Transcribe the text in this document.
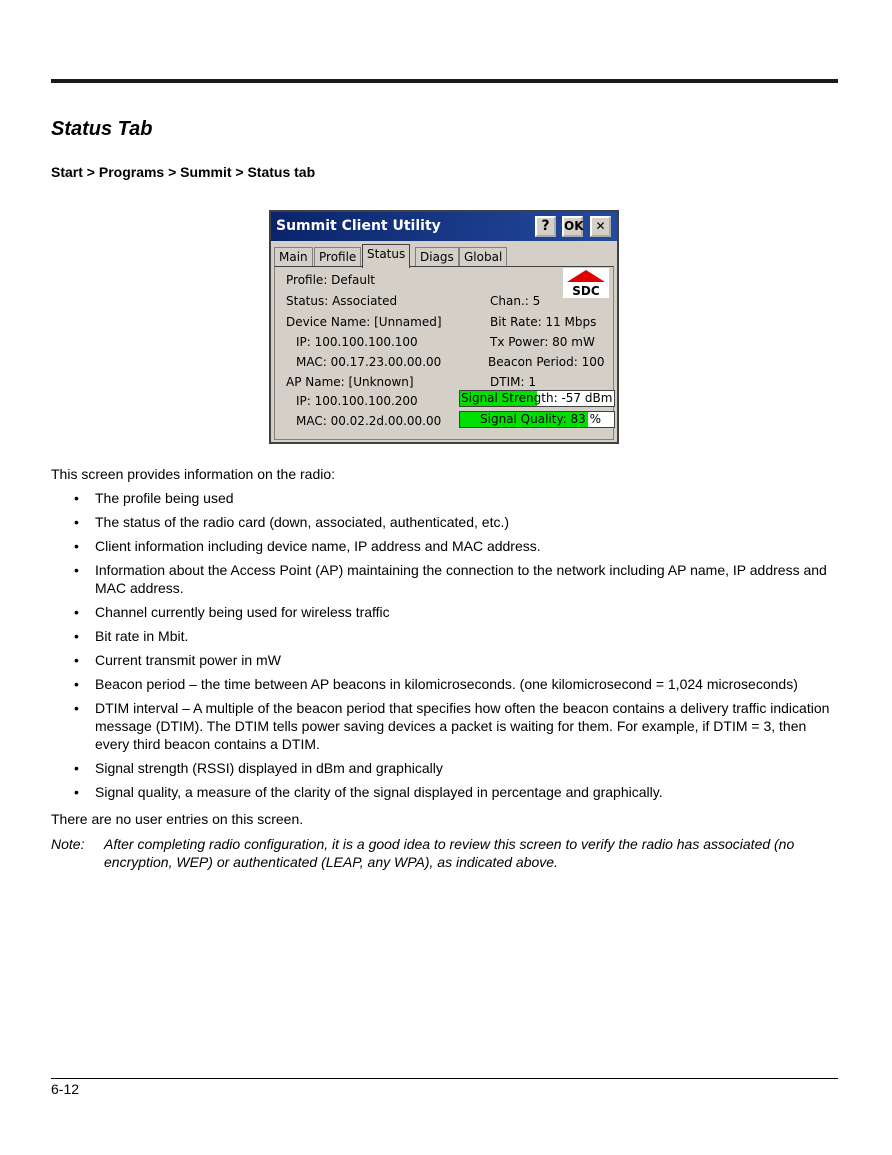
Status Tab
Start > Programs > Summit > Status tab
Summit Client Utility	?	OK ✕
Main Profile Status	Diags Global
Profile: Default
Status: Associated
Device Name: [Unnamed]
IP: 100.100.100.100
MAC: 00.17.23.00.00.00
AP Name: [Unknown]
IP: 100.100.100.200
MAC: 00.02.2d.00.00.00
Chan.: 5
Bit Rate: 11 Mbps
Tx Power: 80 mW
Beacon Period: 100
DTIM: 1
SDC
Signal Strength: -57 dBm
Signal Quality: 83 %
This screen provides information on the radio:
• The profile being used
• The status of the radio card (down, associated, authenticated, etc.)
• Client information including device name, IP address and MAC address.
• Information about the Access Point (AP) maintaining the connection to the network including AP name, IP address and MAC address.
• Channel currently being used for wireless traffic
• Bit rate in Mbit.
• Current transmit power in mW
• Beacon period – the time between AP beacons in kilomicroseconds. (one kilomicrosecond = 1,024 microseconds)
• DTIM interval – A multiple of the beacon period that specifies how often the beacon contains a delivery traffic indication message (DTIM). The DTIM tells power saving devices a packet is waiting for them. For example, if DTIM = 3, then every third beacon contains a DTIM.
• Signal strength (RSSI) displayed in dBm and graphically
• Signal quality, a measure of the clarity of the signal displayed in percentage and graphically.
There are no user entries on this screen.
Note: After completing radio configuration, it is a good idea to review this screen to verify the radio has associated (no encryption, WEP) or authenticated (LEAP, any WPA), as indicated above.
6-12
